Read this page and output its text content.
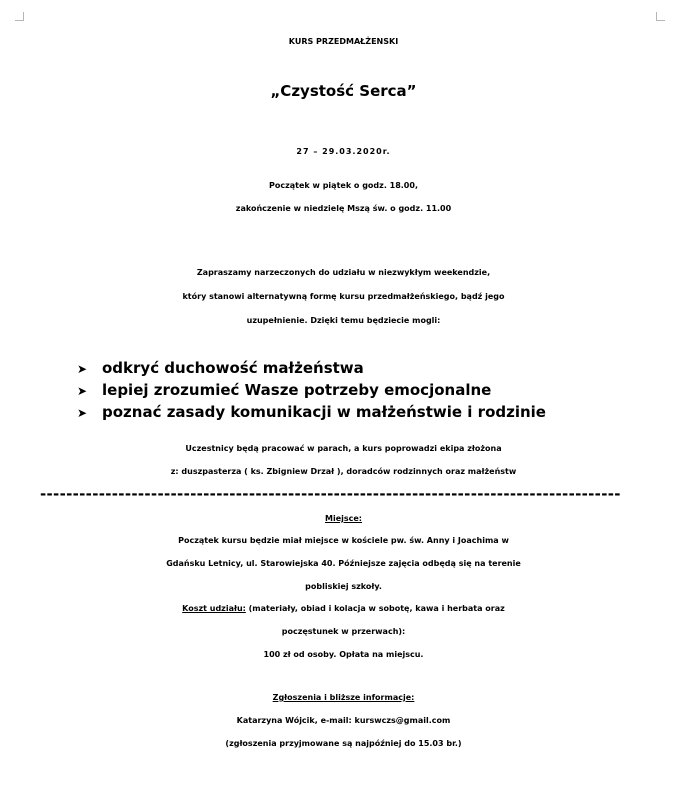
KURS PRZEDMAŁŻENSKI
„Czystość Serca”
27 – 29.03.2020r.
Początek w piątek o godz. 18.00,
zakończenie w niedzielę Mszą św. o godz. 11.00
Zapraszamy narzeczonych do udziału w niezwykłym weekendzie,
który stanowi alternatywną formę kursu przedmałżeńskiego, bądź jego
uzupełnienie. Dzięki temu będziecie mogli:
➤ odkryć duchowość małżeństwa
➤ lepiej zrozumieć Wasze potrzeby emocjonalne
➤ poznać zasady komunikacji w małżeństwie i rodzinie
Uczestnicy będą pracować w parach, a kurs poprowadzi ekipa złożona
z: duszpasterza ( ks. Zbigniew Drzał ), doradców rodzinnych oraz małżeństw
-----------------------------------------------------------------------------------------
Miejsce:
Początek kursu będzie miał miejsce w kościele pw. św. Anny i Joachima w
Gdańsku Letnicy, ul. Starowiejska 40. Późniejsze zajęcia odbędą się na terenie
pobliskiej szkoły.
Koszt udziału: (materiały, obiad i kolacja w sobotę, kawa i herbata oraz
poczęstunek w przerwach):
100 zł od osoby. Opłata na miejscu.
Zgłoszenia i bliższe informacje:
Katarzyna Wójcik, e-mail: kurswczs@gmail.com
(zgłoszenia przyjmowane są najpóźniej do 15.03 br.)
